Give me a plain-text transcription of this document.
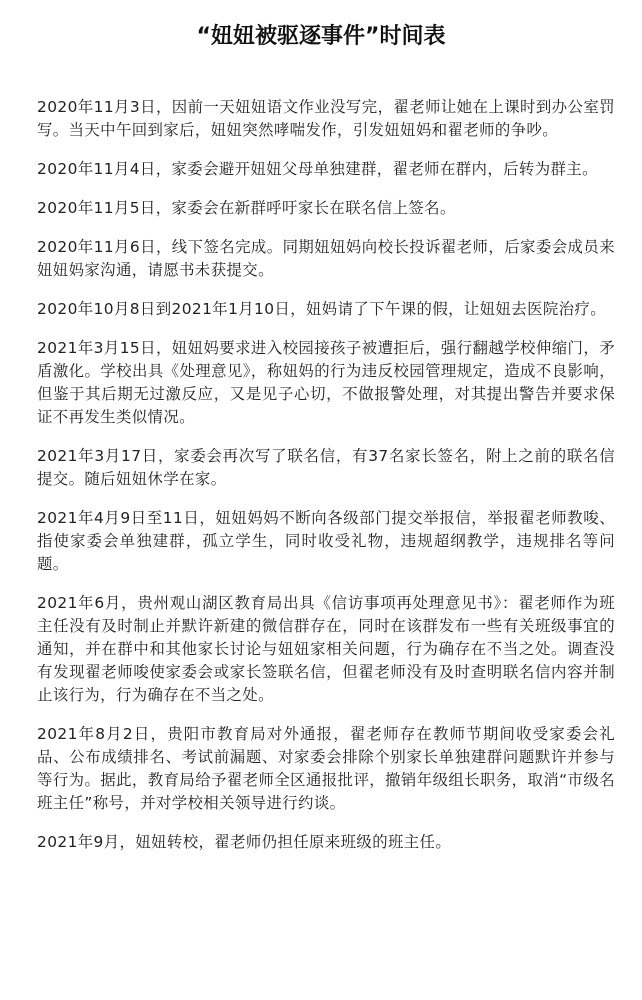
“妞妞被驱逐事件”时间表

2020年11月3日，因前一天妞妞语文作业没写完，翟老师让她在上课时到办公室罚写。当天中午回到家后，妞妞突然哮喘发作，引发妞妞妈和翟老师的争吵。

2020年11月4日，家委会避开妞妞父母单独建群，翟老师在群内，后转为群主。

2020年11月5日，家委会在新群呼吁家长在联名信上签名。

2020年11月6日，线下签名完成。同期妞妞妈向校长投诉翟老师，后家委会成员来妞妞妈家沟通，请愿书未获提交。

2020年10月8日到2021年1月10日，妞妈请了下午课的假，让妞妞去医院治疗。

2021年3月15日，妞妞妈要求进入校园接孩子被遭拒后，强行翻越学校伸缩门，矛盾激化。学校出具《处理意见》，称妞妈的行为违反校园管理规定，造成不良影响，但鉴于其后期无过激反应，又是见子心切，不做报警处理，对其提出警告并要求保证不再发生类似情况。

2021年3月17日，家委会再次写了联名信，有37名家长签名，附上之前的联名信提交。随后妞妞休学在家。

2021年4月9日至11日，妞妞妈妈不断向各级部门提交举报信，举报翟老师教唆、指使家委会单独建群，孤立学生，同时收受礼物，违规超纲教学，违规排名等问题。

2021年6月，贵州观山湖区教育局出具《信访事项再处理意见书》：翟老师作为班主任没有及时制止并默许新建的微信群存在，同时在该群发布一些有关班级事宜的通知，并在群中和其他家长讨论与妞妞家相关问题，行为确存在不当之处。调查没有发现翟老师唆使家委会或家长签联名信，但翟老师没有及时查明联名信内容并制止该行为，行为确存在不当之处。

2021年8月2日，贵阳市教育局对外通报，翟老师存在教师节期间收受家委会礼品、公布成绩排名、考试前漏题、对家委会排除个别家长单独建群问题默许并参与等行为。据此，教育局给予翟老师全区通报批评，撤销年级组长职务，取消“市级名班主任”称号，并对学校相关领导进行约谈。

2021年9月，妞妞转校，翟老师仍担任原来班级的班主任。
